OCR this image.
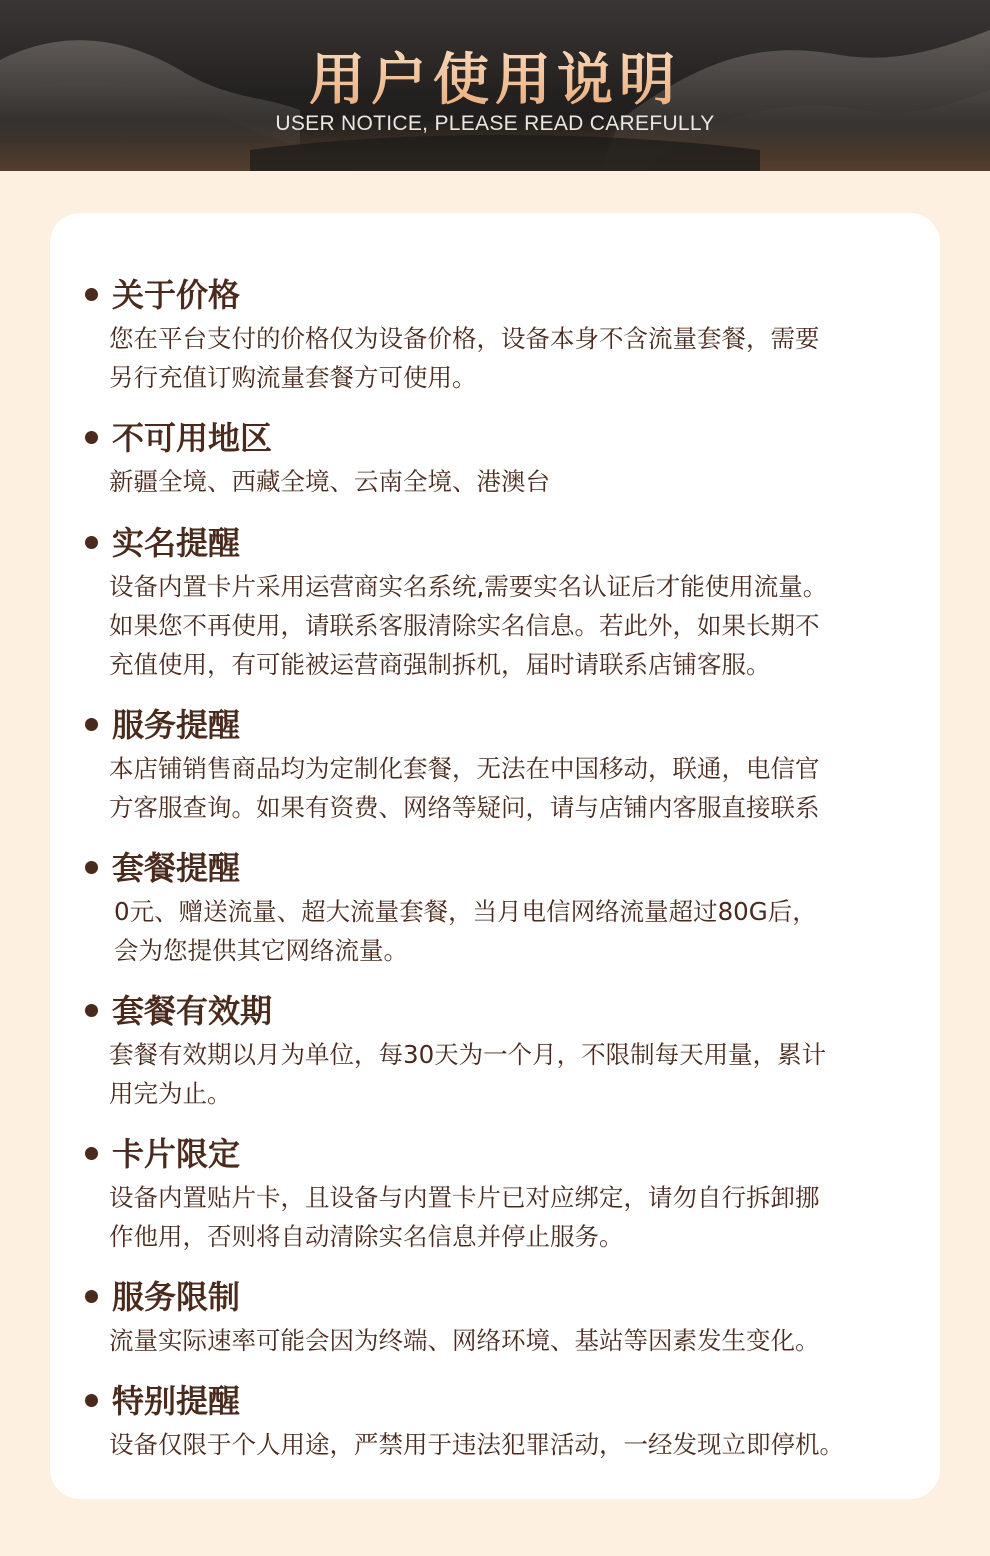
用户使用说明
USER NOTICE, PLEASE READ CAREFULLY
关于价格
您在平台支付的价格仅为设备价格，设备本身不含流量套餐，需要
另行充值订购流量套餐方可使用。
不可用地区
新疆全境、西藏全境、云南全境、港澳台
实名提醒
设备内置卡片采用运营商实名系统,需要实名认证后才能使用流量。
如果您不再使用，请联系客服清除实名信息。若此外，如果长期不
充值使用，有可能被运营商强制拆机，届时请联系店铺客服。
服务提醒
本店铺销售商品均为定制化套餐，无法在中国移动，联通，电信官
方客服查询。如果有资费、网络等疑问，请与店铺内客服直接联系
套餐提醒
0元、赠送流量、超大流量套餐，当月电信网络流量超过80G后，
会为您提供其它网络流量。
套餐有效期
套餐有效期以月为单位，每30天为一个月，不限制每天用量，累计
用完为止。
卡片限定
设备内置贴片卡，且设备与内置卡片已对应绑定，请勿自行拆卸挪
作他用，否则将自动清除实名信息并停止服务。
服务限制
流量实际速率可能会因为终端、网络环境、基站等因素发生变化。
特别提醒
设备仅限于个人用途，严禁用于违法犯罪活动，一经发现立即停机。
